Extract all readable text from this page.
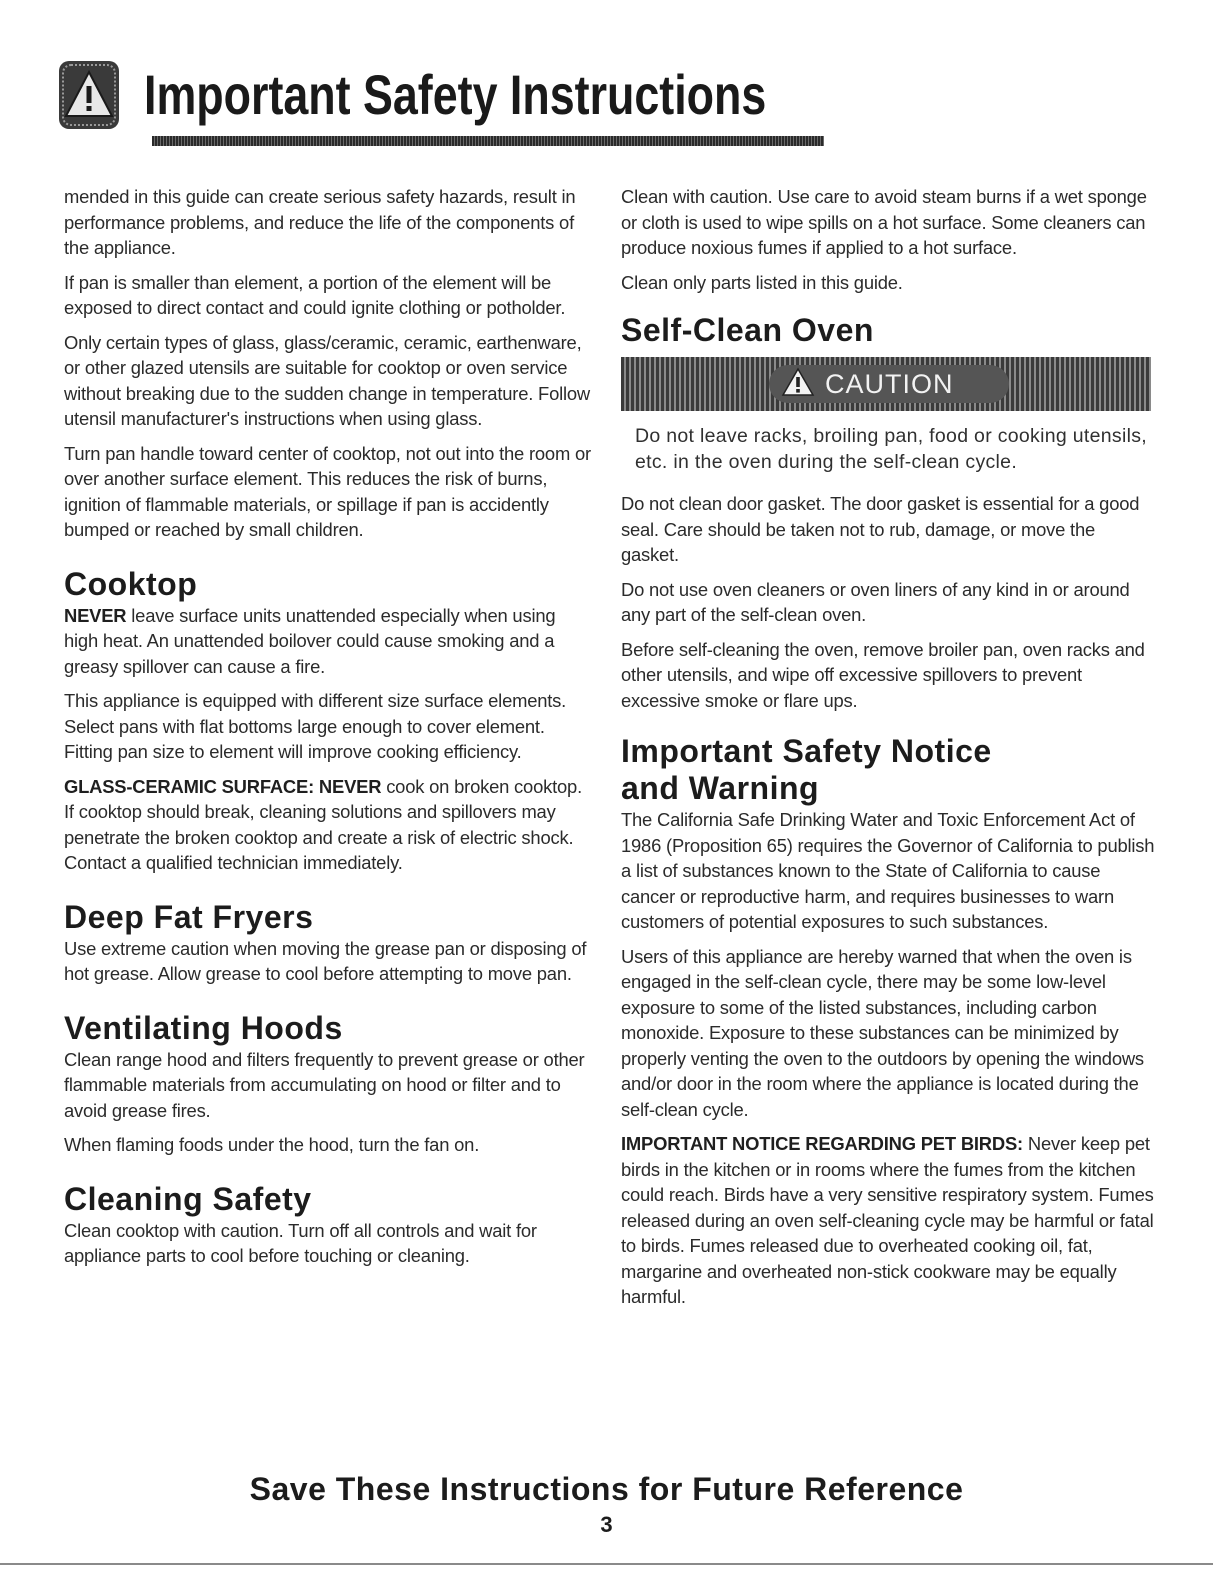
Important Safety Instructions

mended in this guide can create serious safety hazards, result in performance problems, and reduce the life of the components of the appliance.

If pan is smaller than element, a portion of the element will be exposed to direct contact and could ignite clothing or potholder.

Only certain types of glass, glass/ceramic, ceramic, earthenware, or other glazed utensils are suitable for cooktop or oven service without breaking due to the sudden change in temperature. Follow utensil manufacturer's instructions when using glass.

Turn pan handle toward center of cooktop, not out into the room or over another surface element. This reduces the risk of burns, ignition of flammable materials, or spillage if pan is accidently bumped or reached by small children.

Cooktop

NEVER leave surface units unattended especially when using high heat. An unattended boilover could cause smoking and a greasy spillover can cause a fire.

This appliance is equipped with different size surface elements. Select pans with flat bottoms large enough to cover element. Fitting pan size to element will improve cooking efficiency.

GLASS-CERAMIC SURFACE: NEVER cook on broken cooktop. If cooktop should break, cleaning solutions and spillovers may penetrate the broken cooktop and create a risk of electric shock. Contact a qualified technician immediately.

Deep Fat Fryers

Use extreme caution when moving the grease pan or disposing of hot grease. Allow grease to cool before attempting to move pan.

Ventilating Hoods

Clean range hood and filters frequently to prevent grease or other flammable materials from accumulating on hood or filter and to avoid grease fires.

When flaming foods under the hood, turn the fan on.

Cleaning Safety

Clean cooktop with caution. Turn off all controls and wait for appliance parts to cool before touching or cleaning.

Clean with caution. Use care to avoid steam burns if a wet sponge or cloth is used to wipe spills on a hot surface. Some cleaners can produce noxious fumes if applied to a hot surface.

Clean only parts listed in this guide.

Self-Clean Oven
CAUTION
Do not leave racks, broiling pan, food or cooking utensils, etc. in the oven during the self-clean cycle.

Do not clean door gasket. The door gasket is essential for a good seal. Care should be taken not to rub, damage, or move the gasket.

Do not use oven cleaners or oven liners of any kind in or around any part of the self-clean oven.

Before self-cleaning the oven, remove broiler pan, oven racks and other utensils, and wipe off excessive spillovers to prevent excessive smoke or flare ups.

Important Safety Notice
and Warning

The California Safe Drinking Water and Toxic Enforcement Act of 1986 (Proposition 65) requires the Governor of California to publish a list of substances known to the State of California to cause cancer or reproductive harm, and requires businesses to warn customers of potential exposures to such substances.

Users of this appliance are hereby warned that when the oven is engaged in the self-clean cycle, there may be some low-level exposure to some of the listed substances, including carbon monoxide. Exposure to these substances can be minimized by properly venting the oven to the outdoors by opening the windows and/or door in the room where the appliance is located during the self-clean cycle.

IMPORTANT NOTICE REGARDING PET BIRDS: Never keep pet birds in the kitchen or in rooms where the fumes from the kitchen could reach. Birds have a very sensitive respiratory system. Fumes released during an oven self-cleaning cycle may be harmful or fatal to birds. Fumes released due to overheated cooking oil, fat, margarine and overheated non-stick cookware may be equally harmful.

Save These Instructions for Future Reference
3
